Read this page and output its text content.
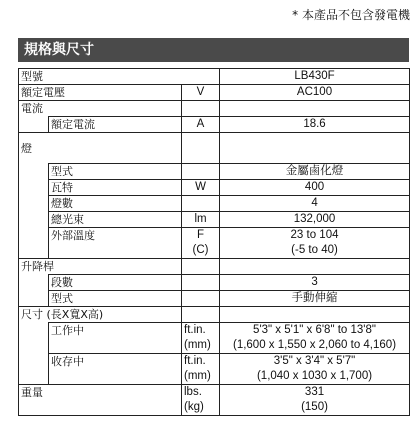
* 本產品不包含發電機
規格與尺寸
型號			LB430F
額定電壓		V	AC100
電流			
	額定電流	A	18.6
燈			
	型式		金屬鹵化燈
	瓦特	W	400
	燈數		4
	總光束	lm	132,000
	外部溫度	F	23 to 104
		(C)	(-5 to 40)
升降桿			
	段數		3
	型式		手動伸縮
尺寸 (長X寬X高)			
	工作中	ft.in.	5'3" x 5'1" x 6'8" to 13'8"
		(mm)	(1,600 x 1,550 x 2,060 to 4,160)
	收存中	ft.in.	3'5" x 3'4" x 5'7"
		(mm)	(1,040 x 1030 x 1,700)
重量		lbs.	331
		(kg)	(150)
